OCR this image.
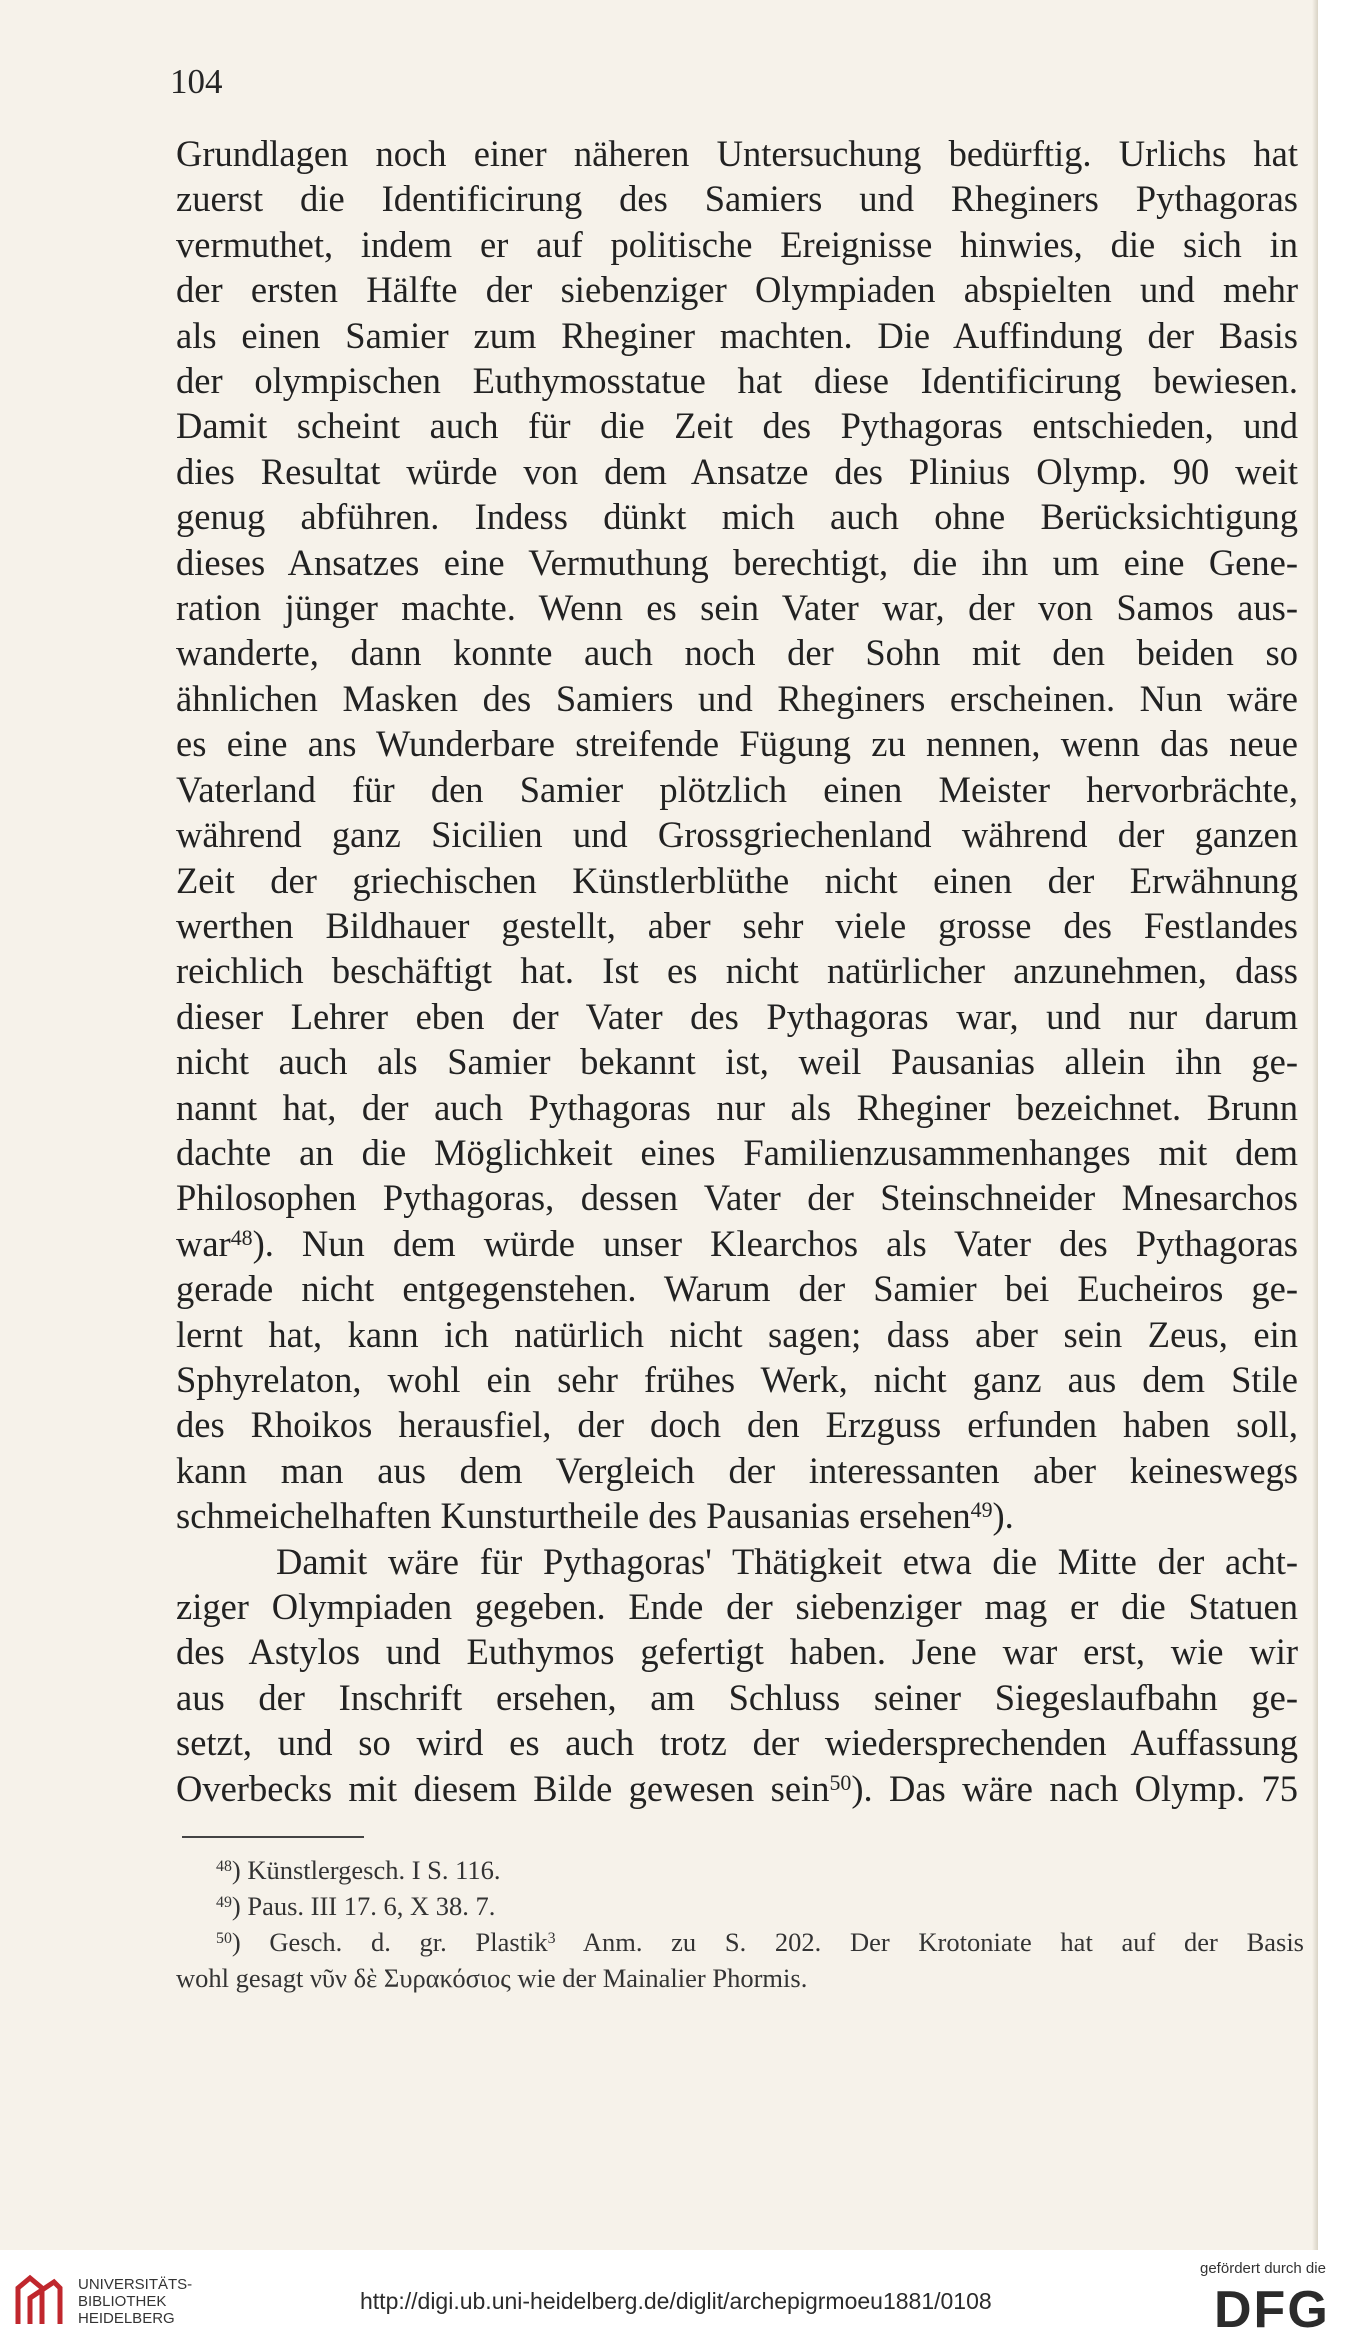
104
Grundlagen noch einer näheren Untersuchung bedürftig. Urlichs hat
zuerst die Identificirung des Samiers und Rheginers Pythagoras
vermuthet, indem er auf politische Ereignisse hinwies, die sich in
der ersten Hälfte der siebenziger Olympiaden abspielten und mehr
als einen Samier zum Rheginer machten. Die Auffindung der Basis
der olympischen Euthymosstatue hat diese Identificirung bewiesen.
Damit scheint auch für die Zeit des Pythagoras entschieden, und
dies Resultat würde von dem Ansatze des Plinius Olymp. 90 weit
genug abführen. Indess dünkt mich auch ohne Berücksichtigung
dieses Ansatzes eine Vermuthung berechtigt, die ihn um eine Gene-
ration jünger machte. Wenn es sein Vater war, der von Samos aus-
wanderte, dann konnte auch noch der Sohn mit den beiden so
ähnlichen Masken des Samiers und Rheginers erscheinen. Nun wäre
es eine ans Wunderbare streifende Fügung zu nennen, wenn das neue
Vaterland für den Samier plötzlich einen Meister hervorbrächte,
während ganz Sicilien und Grossgriechenland während der ganzen
Zeit der griechischen Künstlerblüthe nicht einen der Erwähnung
werthen Bildhauer gestellt, aber sehr viele grosse des Festlandes
reichlich beschäftigt hat. Ist es nicht natürlicher anzunehmen, dass
dieser Lehrer eben der Vater des Pythagoras war, und nur darum
nicht auch als Samier bekannt ist, weil Pausanias allein ihn ge-
nannt hat, der auch Pythagoras nur als Rheginer bezeichnet. Brunn
dachte an die Möglichkeit eines Familienzusammenhanges mit dem
Philosophen Pythagoras, dessen Vater der Steinschneider Mnesarchos
war$^{48}$). Nun dem würde unser Klearchos als Vater des Pythagoras
gerade nicht entgegenstehen. Warum der Samier bei Eucheiros ge-
lernt hat, kann ich natürlich nicht sagen; dass aber sein Zeus, ein
Sphyrelaton, wohl ein sehr frühes Werk, nicht ganz aus dem Stile
des Rhoikos herausfiel, der doch den Erzguss erfunden haben soll,
kann man aus dem Vergleich der interessanten aber keineswegs
schmeichelhaften Kunsturtheile des Pausanias ersehen$^{49}$).
Damit wäre für Pythagoras' Thätigkeit etwa die Mitte der acht-
ziger Olympiaden gegeben. Ende der siebenziger mag er die Statuen
des Astylos und Euthymos gefertigt haben. Jene war erst, wie wir
aus der Inschrift ersehen, am Schluss seiner Siegeslaufbahn ge-
setzt, und so wird es auch trotz der wiedersprechenden Auffassung
Overbecks mit diesem Bilde gewesen sein$^{50}$). Das wäre nach Olymp. 75
$^{48}$) Künstlergesch. I S. 116.
$^{49}$) Paus. III 17. 6, X 38. 7.
$^{50}$) Gesch. d. gr. Plastik$^3$ Anm. zu S. 202. Der Krotoniate hat auf der Basis
wohl gesagt νῦν δὲ Συρακόσιος wie der Mainalier Phormis.
UNIVERSITÄTS-
BIBLIOTHEK
HEIDELBERG
http://digi.ub.uni-heidelberg.de/diglit/archepigrmoeu1881/0108
gefördert durch die
DFG
